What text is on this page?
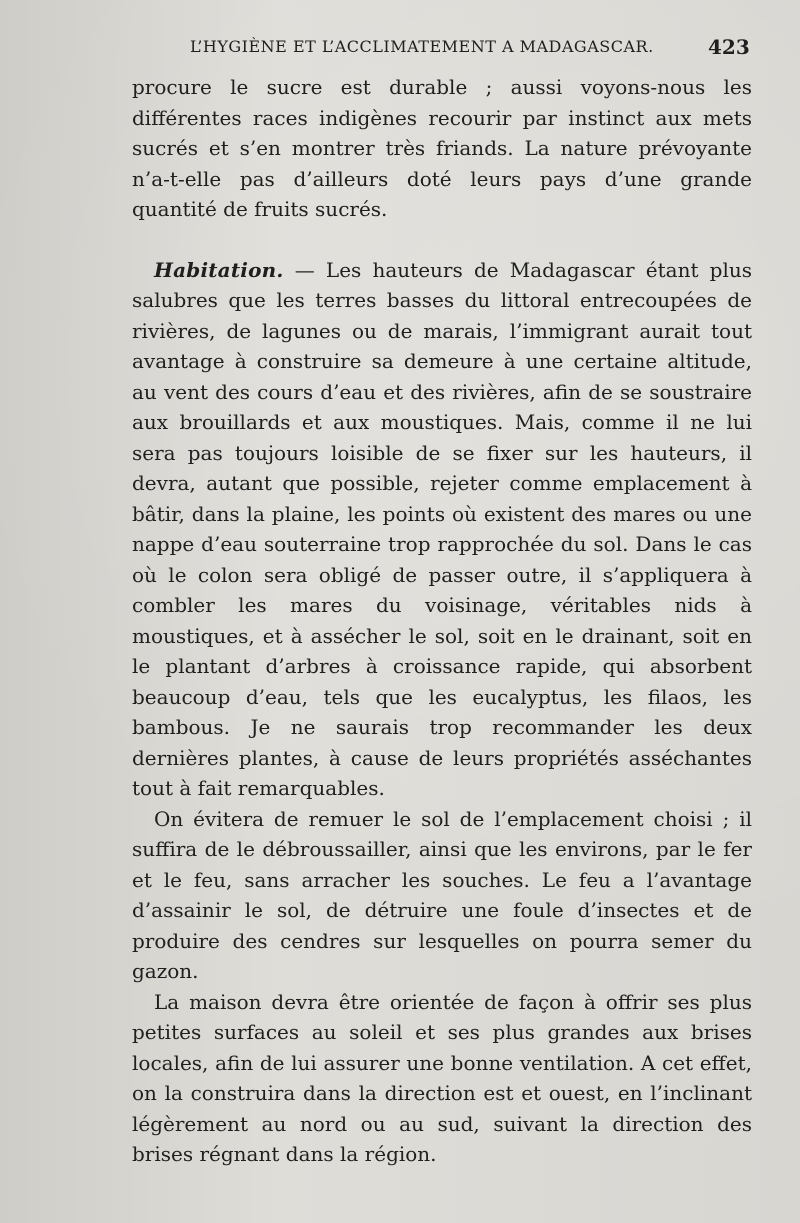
L’HYGIÈNE ET L’ACCLIMATEMENT A MADAGASCAR.	423

procure le sucre est durable ; aussi voyons-nous les différentes races indigènes recourir par instinct aux mets sucrés et s’en montrer très friands. La nature prévoyante n’a-t-elle pas d’ailleurs doté leurs pays d’une grande quantité de fruits sucrés.

Habitation. — Les hauteurs de Madagascar étant plus salubres que les terres basses du littoral entrecoupées de rivières, de lagunes ou de marais, l’immigrant aurait tout avantage à construire sa demeure à une certaine altitude, au vent des cours d’eau et des rivières, afin de se soustraire aux brouillards et aux moustiques. Mais, comme il ne lui sera pas toujours loisible de se fixer sur les hauteurs, il devra, autant que possible, rejeter comme emplacement à bâtir, dans la plaine, les points où existent des mares ou une nappe d’eau souterraine trop rapprochée du sol. Dans le cas où le colon sera obligé de passer outre, il s’appliquera à combler les mares du voisinage, véritables nids à moustiques, et à assécher le sol, soit en le drainant, soit en le plantant d’arbres à croissance rapide, qui absorbent beaucoup d’eau, tels que les eucalyptus, les filaos, les bambous. Je ne saurais trop recommander les deux dernières plantes, à cause de leurs propriétés asséchantes tout à fait remarquables.

On évitera de remuer le sol de l’emplacement choisi ; il suffira de le débroussailler, ainsi que les environs, par le fer et le feu, sans arracher les souches. Le feu a l’avantage d’assainir le sol, de détruire une foule d’insectes et de produire des cendres sur lesquelles on pourra semer du gazon.

La maison devra être orientée de façon à offrir ses plus petites surfaces au soleil et ses plus grandes aux brises locales, afin de lui assurer une bonne ventilation. A cet effet, on la construira dans la direction est et ouest, en l’inclinant légèrement au nord ou au sud, suivant la direction des brises régnant dans la région.
